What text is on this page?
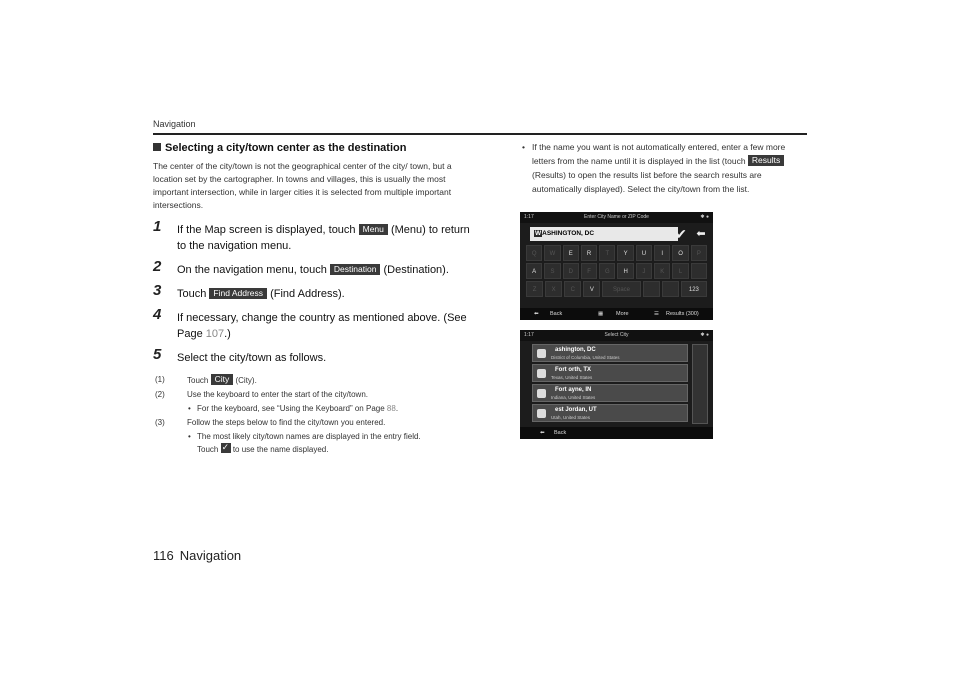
Navigation
Selecting a city/town center as the destination

The center of the city/town is not the geographical center of the city/ town, but a location set by the cartographer. In towns and villages, this is usually the most important intersection, while in larger cities it is selected from multiple important intersections.

1 If the Map screen is displayed, touch Menu (Menu) to return to the navigation menu.
2 On the navigation menu, touch Destination (Destination).
3 Touch Find Address (Find Address).
4 If necessary, change the country as mentioned above. (See Page 107.)
5 Select the city/town as follows.
(1)	Touch City (City).
(2)	Use the keyboard to enter the start of the city/town.
• For the keyboard, see “Using the Keyboard” on Page 88.
(3)	Follow the steps below to find the city/town you entered.
• The most likely city/town names are displayed in the entry field.
Touch ✓ to use the name displayed.
• If the name you want is not automatically entered, enter a few more letters from the name until it is displayed in the list (touch Results (Results) to open the results list before the search results are automatically displayed). Select the city/town from the list.
1:17	Enter City Name or ZIP Code	✱ ●
WASHINGTON, DC	✔ ⬅
Q	W	E	R	T	Y	U	I	O	P
A	S	D	F	G	H	J	K	L
Z	X	C	V	Space	123
⬅ Back	▦ More	☰ Results (300)
1:17	Select City	✱ ●
ashington, DC
District of Columbia, United States
Fort orth, TX
Texas, United States
Fort ayne, IN
Indiana, United States
est Jordan, UT
Utah, United States
⬅ Back
116 Navigation
